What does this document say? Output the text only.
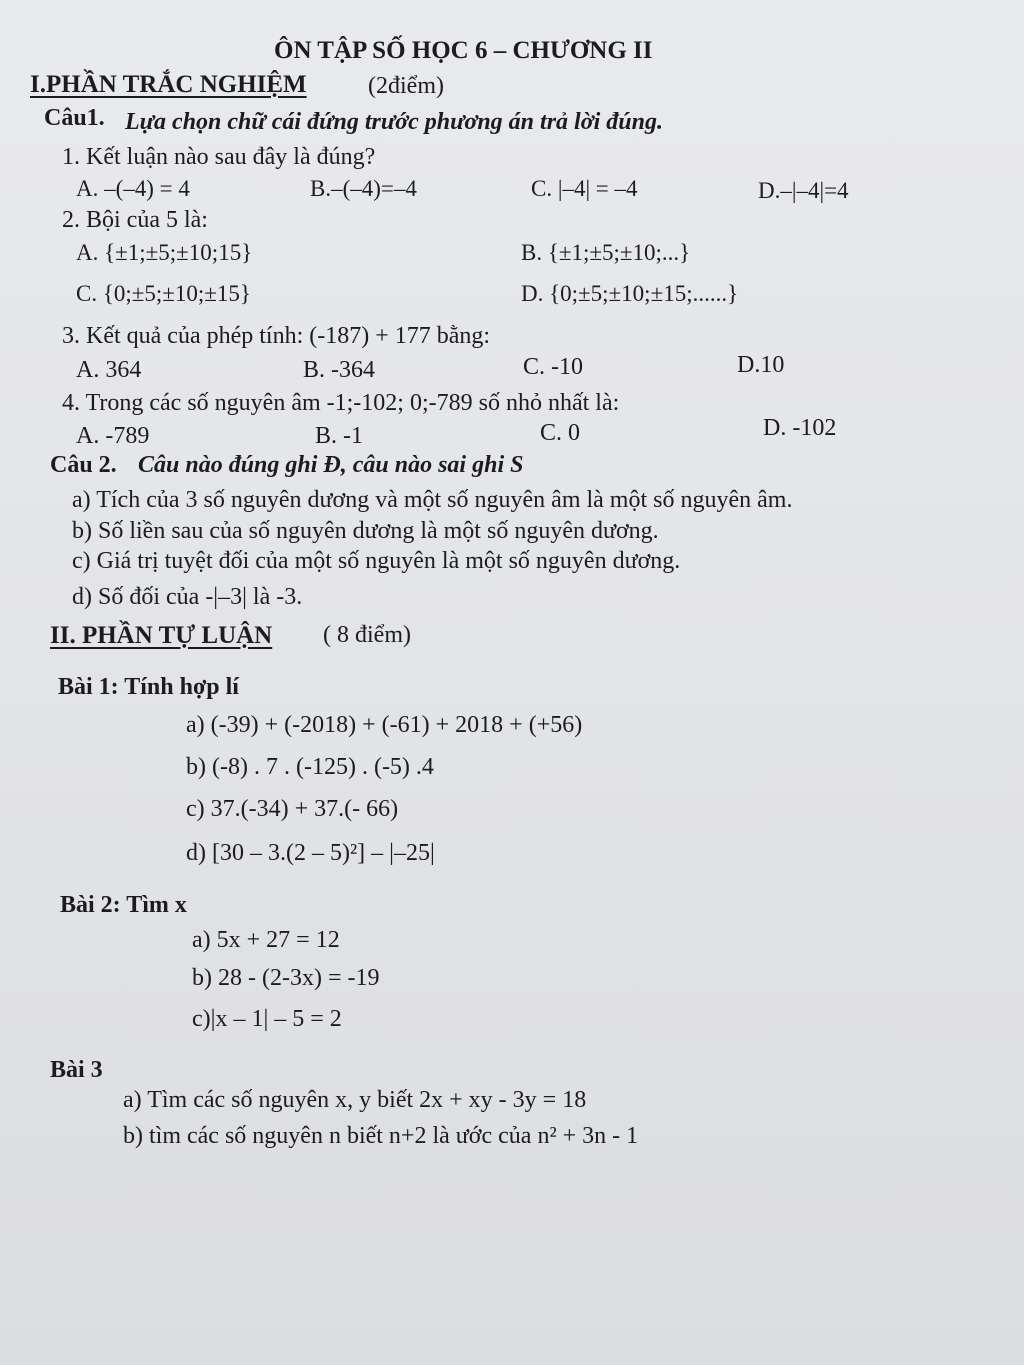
ÔN TẬP SỐ HỌC 6 – CHƯƠNG II
I.PHẦN TRẮC NGHIỆM	(2điểm)
Câu1. Lựa chọn chữ cái đứng trước phương án trả lời đúng.
1. Kết luận nào sau đây là đúng?
A. –(–4) = 4	B.–(–4)=–4	C. |–4| = –4	D.–|–4|=4
2. Bội của 5 là:
A. {±1;±5;±10;15}	B. {±1;±5;±10;...}
C. {0;±5;±10;±15}	D. {0;±5;±10;±15;......}
3. Kết quả của phép tính: (-187) + 177 bằng:
A. 364	B. -364	C. -10	D.10
4. Trong các số nguyên âm -1;-102; 0;-789 số nhỏ nhất là:
A. -789	B. -1	C. 0	D. -102
Câu 2. Câu nào đúng ghi Đ, câu nào sai ghi S
a) Tích của 3 số nguyên dương và một số nguyên âm là một số nguyên âm.
b) Số liền sau của số nguyên dương là một số nguyên dương.
c) Giá trị tuyệt đối của một số nguyên là một số nguyên dương.
d) Số đối của -|–3| là -3.
II. PHẦN TỰ LUẬN ( 8 điểm)
Bài 1: Tính hợp lí
a) (-39) + (-2018) + (-61) + 2018 + (+56)
b) (-8) . 7 . (-125) . (-5) .4
c) 37.(-34) + 37.(- 66)
d) [30 – 3.(2 – 5)²] – |–25|
Bài 2: Tìm x
a) 5x + 27 = 12
b) 28 - (2-3x) = -19
c)|x – 1| – 5 = 2
Bài 3
a) Tìm các số nguyên x, y biết 2x + xy - 3y = 18
b) tìm các số nguyên n biết n+2 là ước của n² + 3n - 1
